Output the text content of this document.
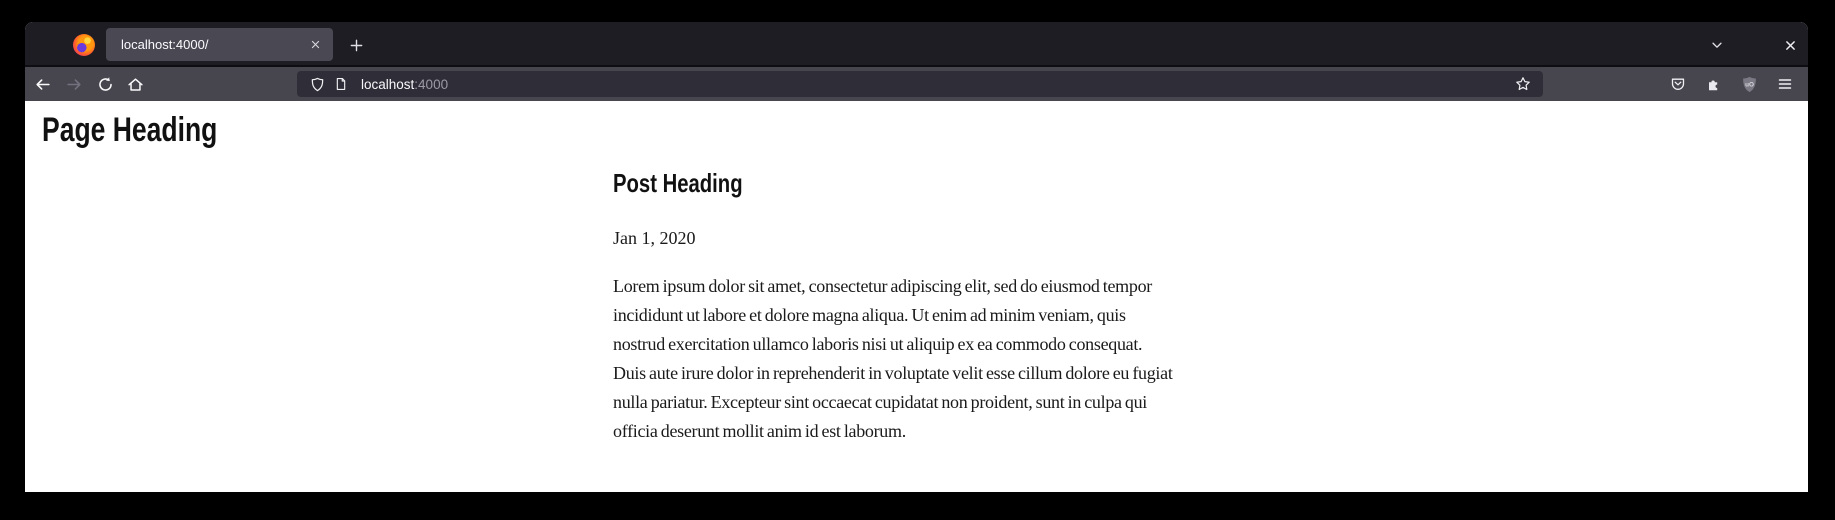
localhost:4000/
localhost:4000	uO
Page Heading
Post Heading
Jan 1, 2020
Lorem ipsum dolor sit amet, consectetur adipiscing elit, sed do eiusmod tempor
incididunt ut labore et dolore magna aliqua. Ut enim ad minim veniam, quis
nostrud exercitation ullamco laboris nisi ut aliquip ex ea commodo consequat.
Duis aute irure dolor in reprehenderit in voluptate velit esse cillum dolore eu fugiat
nulla pariatur. Excepteur sint occaecat cupidatat non proident, sunt in culpa qui
officia deserunt mollit anim id est laborum.
